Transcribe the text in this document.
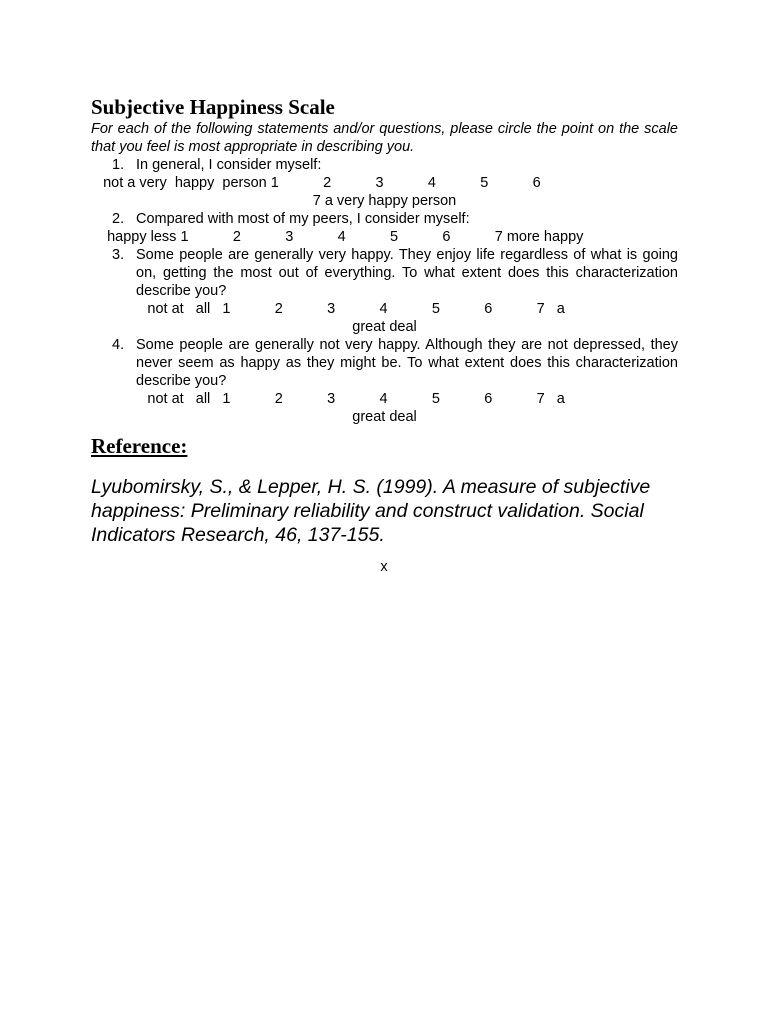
Subjective Happiness Scale

For each of the following statements and/or questions, please circle the point on the scale that you feel is most appropriate in describing you.

1. In general, I consider myself:
not a very  happy  person 1           2           3           4           5           6
7 a very happy person
2. Compared with most of my peers, I consider myself:
happy less 1           2           3           4           5           6           7 more happy
3. Some people are generally very happy. They enjoy life regardless of what is going on, getting the most out of everything. To what extent does this characterization describe you?
not at   all   1           2           3           4           5           6           7   a
great deal
4. Some people are generally not very happy. Although they are not depressed, they never seem as happy as they might be. To what extent does this characterization describe you?
not at   all   1           2           3           4           5           6           7   a
great deal
Reference:

Lyubomirsky, S., & Lepper, H. S. (1999). A measure of subjective happiness: Preliminary reliability and construct validation. Social Indicators Research, 46, 137-155.

x
